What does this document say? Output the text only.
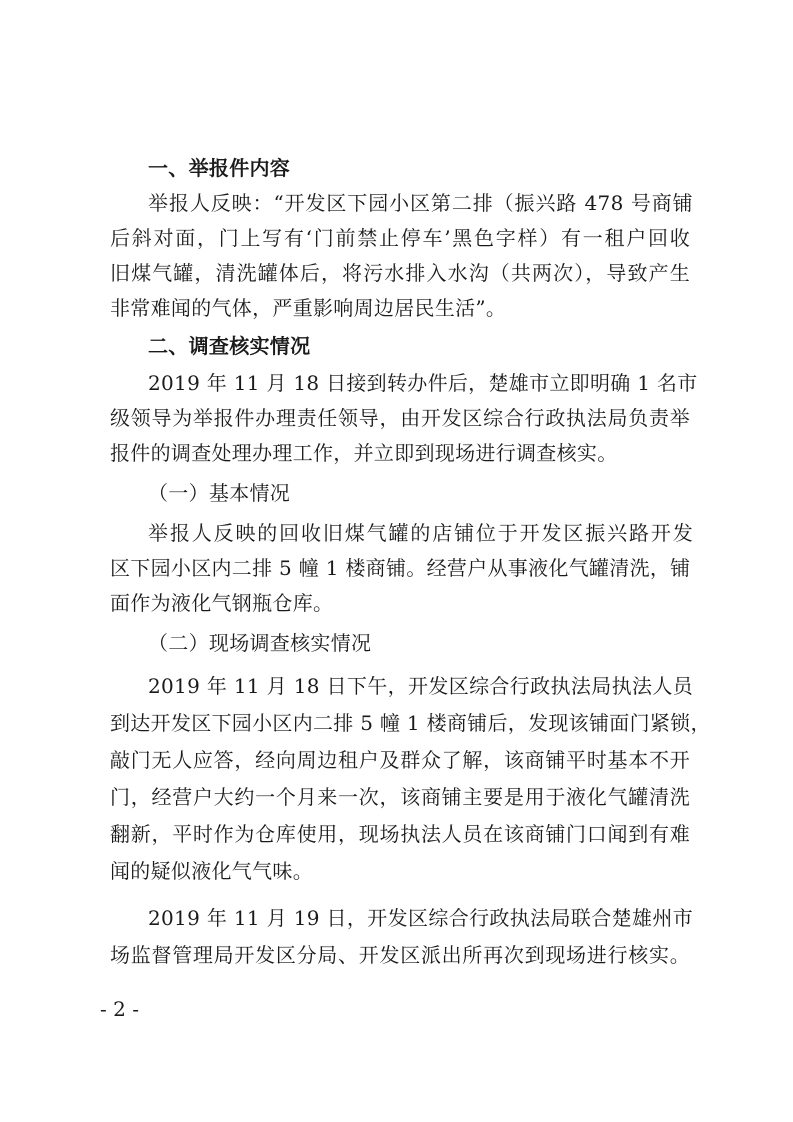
一、举报件内容
举报人反映：“开发区下园小区第二排（振兴路 478 号商铺
后斜对面，门上写有‘门前禁止停车’黑色字样）有一租户回收
旧煤气罐，清洗罐体后，将污水排入水沟（共两次），导致产生
非常难闻的气体，严重影响周边居民生活”。
二、调查核实情况
2019 年 11 月 18 日接到转办件后，楚雄市立即明确 1 名市
级领导为举报件办理责任领导，由开发区综合行政执法局负责举
报件的调查处理办理工作，并立即到现场进行调查核实。
（一）基本情况
举报人反映的回收旧煤气罐的店铺位于开发区振兴路开发
区下园小区内二排 5 幢 1 楼商铺。经营户从事液化气罐清洗，铺
面作为液化气钢瓶仓库。
（二）现场调查核实情况
2019 年 11 月 18 日下午，开发区综合行政执法局执法人员
到达开发区下园小区内二排 5 幢 1 楼商铺后，发现该铺面门紧锁，
敲门无人应答，经向周边租户及群众了解，该商铺平时基本不开
门，经营户大约一个月来一次，该商铺主要是用于液化气罐清洗
翻新，平时作为仓库使用，现场执法人员在该商铺门口闻到有难
闻的疑似液化气气味。
2019 年 11 月 19 日，开发区综合行政执法局联合楚雄州市
场监督管理局开发区分局、开发区派出所再次到现场进行核实。
- 2 -
